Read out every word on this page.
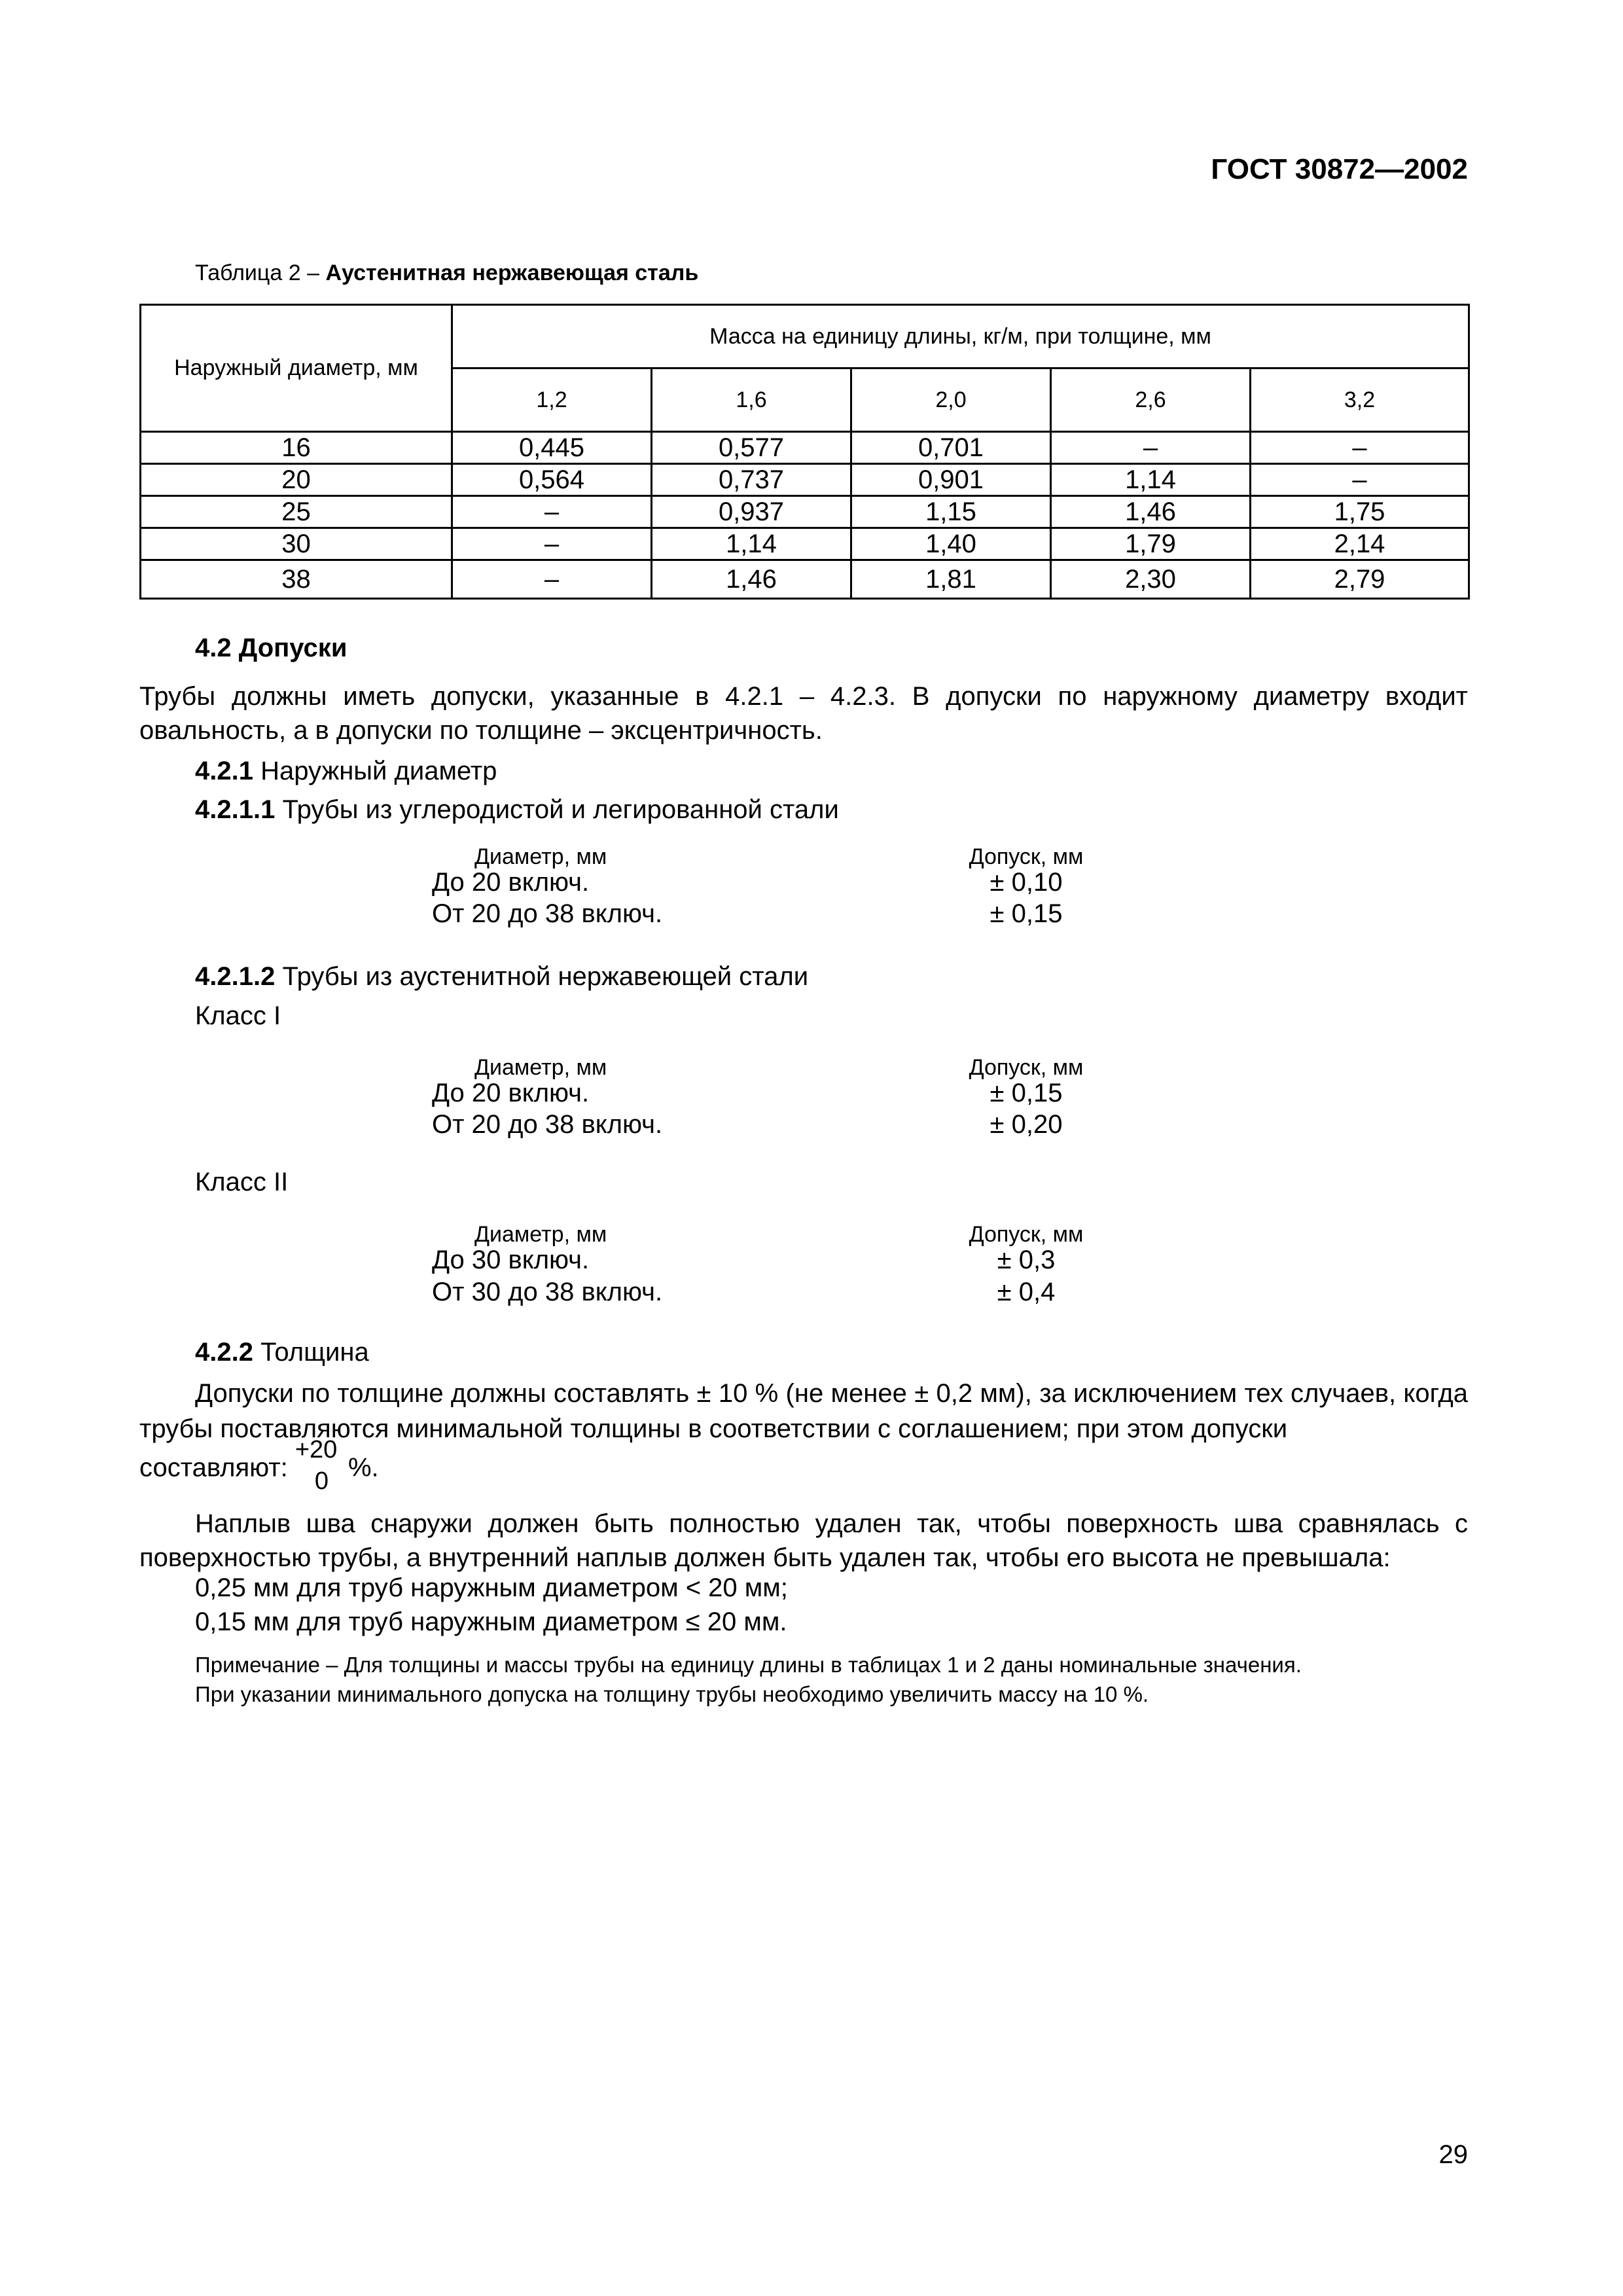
ГОСТ 30872—2002
Таблица 2 – Аустенитная нержавеющая сталь
Наружный диаметр, мм	Масса на единицу длины, кг/м, при толщине, мм				
	1,2	1,6	2,0	2,6	3,2
16	0,445	0,577	0,701	–	–
20	0,564	0,737	0,901	1,14	–
25	–	0,937	1,15	1,46	1,75
30	–	1,14	1,40	1,79	2,14
38	–	1,46	1,81	2,30	2,79
4.2 Допуски
Трубы должны иметь допуски, указанные в 4.2.1 – 4.2.3. В допуски по наружному диаметру входит овальность, а в допуски по толщине – эксцентричность.
4.2.1 Наружный диаметр
4.2.1.1 Трубы из углеродистой и легированной стали
Диаметр, мм	Допуск, мм
До 20 включ.	± 0,10
От 20 до 38 включ.	± 0,15
4.2.1.2 Трубы из аустенитной нержавеющей стали
Класс I
Диаметр, мм	Допуск, мм
До 20 включ.	± 0,15
От 20 до 38 включ.	± 0,20
Класс II
Диаметр, мм	Допуск, мм
До 30 включ.	± 0,3
От 30 до 38 включ.	± 0,4
4.2.2 Толщина
Допуски по толщине должны составлять ± 10 % (не менее ± 0,2 мм), за исключением тех случаев, когда трубы поставляются минимальной толщины в соответствии с соглашением; при этом допуски
составляют:
+20
0 %.
Наплыв шва снаружи должен быть полностью удален так, чтобы поверхность шва сравнялась с поверхностью трубы, а внутренний наплыв должен быть удален так, чтобы его высота не превышала:
0,25 мм для труб наружным диаметром < 20 мм;
0,15 мм для труб наружным диаметром ≤ 20 мм.
Примечание – Для толщины и массы трубы на единицу длины в таблицах 1 и 2 даны номинальные значения.
При указании минимального допуска на толщину трубы необходимо увеличить массу на 10 %.
29
